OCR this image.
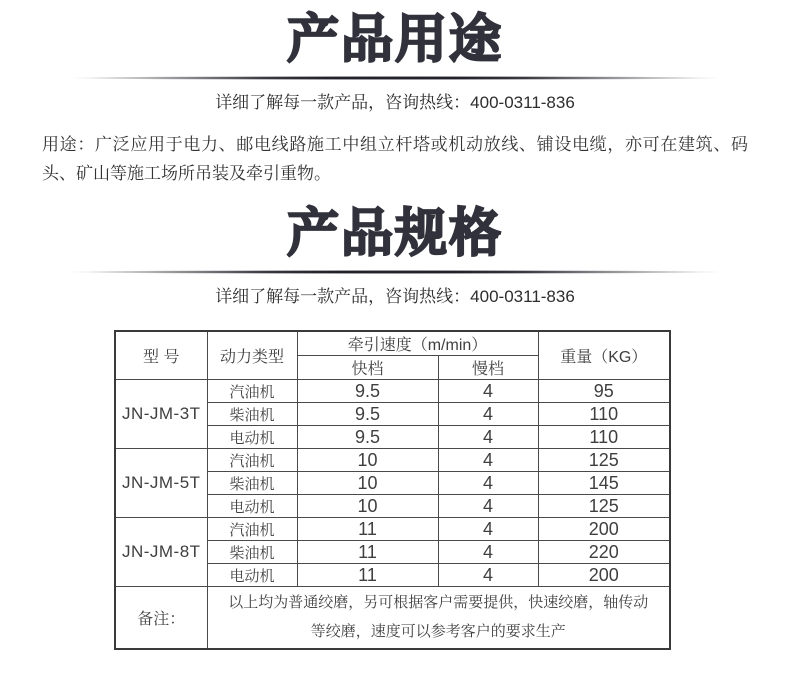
产品用途
详细了解每一款产品，咨询热线：400-0311-836
用途：广泛应用于电力、邮电线路施工中组立杆塔或机动放线、铺设电缆，亦可在建筑、码头、矿山等施工场所吊装及牵引重物。
产品规格
详细了解每一款产品，咨询热线：400-0311-836
型 号	动力类型	牵引速度（m/min）		重量（KG）
		快档	慢档	
JN-JM-3T	汽油机	9.5	4	95
	柴油机	9.5	4	110
	电动机	9.5	4	110
JN-JM-5T	汽油机	10	4	125
	柴油机	10	4	145
	电动机	10	4	125
JN-JM-8T	汽油机	11	4	200
	柴油机	11	4	220
	电动机	11	4	200
备注：	以上均为普通绞磨，另可根据客户需要提供，快速绞磨，轴传动
等绞磨，速度可以参考客户的要求生产			
